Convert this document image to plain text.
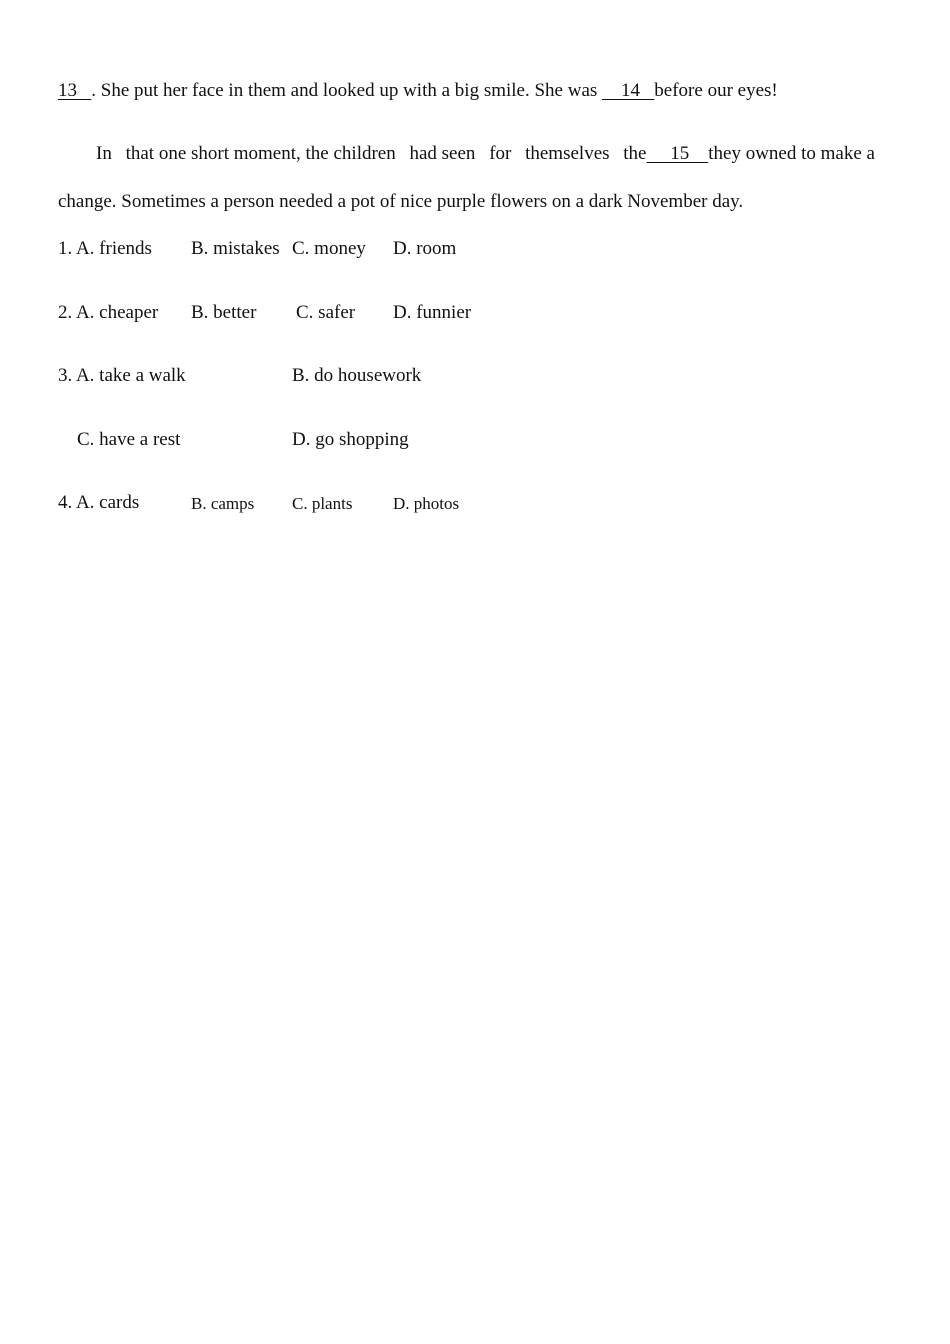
13   . She put her face in them and looked up with a big smile. She was     14   before our eyes!
In that one short moment, the children had seen for themselves the     15    they owned to make a
change. Sometimes a person needed a pot of nice purple flowers on a dark November day.
1. A. friends B. mistakes C. money D. room
2. A. cheaper B. better C. safer D. funnier
3. A. take a walk	B. do housework
C. have a rest	D. go shopping
4. A. cards	B. camps C. plants D. photos
